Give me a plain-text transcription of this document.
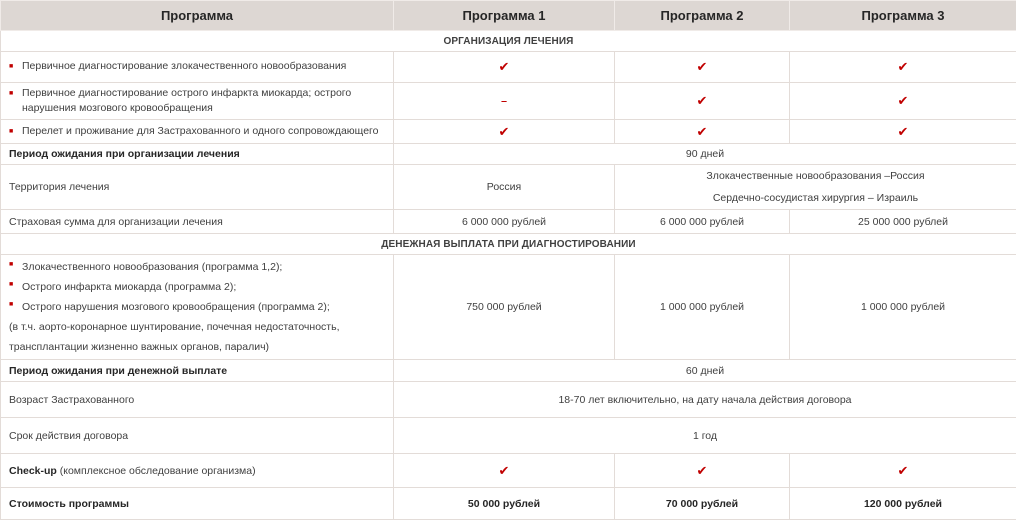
Программа	Программа 1	Программа 2	Программа 3
ОРГАНИЗАЦИЯ ЛЕЧЕНИЯ			
■ Первичное диагностирование злокачественного новообразования	✔	✔	✔
■ Первичное диагностирование острого инфаркта миокарда; острого
нарушения мозгового кровообращения	–	✔	✔
■ Перелет и проживание для Застрахованного и одного сопровождающего	✔	✔	✔
Период ожидания при организации лечения	90 дней		
Территория лечения	Россия	Злокачественные новообразования –Россия
Сердечно-сосудистая хирургия – Израиль	
Страховая сумма для организации лечения	6 000 000 рублей	6 000 000 рублей	25 000 000 рублей
ДЕНЕЖНАЯ ВЫПЛАТА ПРИ ДИАГНОСТИРОВАНИИ			

■ Злокачественного новообразования (программа 1,2);
■ Острого инфаркта миокарда (программа 2);
■ Острого нарушения мозгового кровообращения (программа 2);
(в т.ч. аорто-коронарное шунтирование, почечная недостаточность,
трансплантации жизненно важных органов, паралич)	750 000 рублей	1 000 000 рублей	1 000 000 рублей
Период ожидания при денежной выплате	60 дней		
Возраст Застрахованного	18-70 лет включительно, на дату начала действия договора		
Срок действия договора	1 год		
Check-up (комплексное обследование организма)	✔	✔	✔
Стоимость программы	50 000 рублей	70 000 рублей	120 000 рублей
